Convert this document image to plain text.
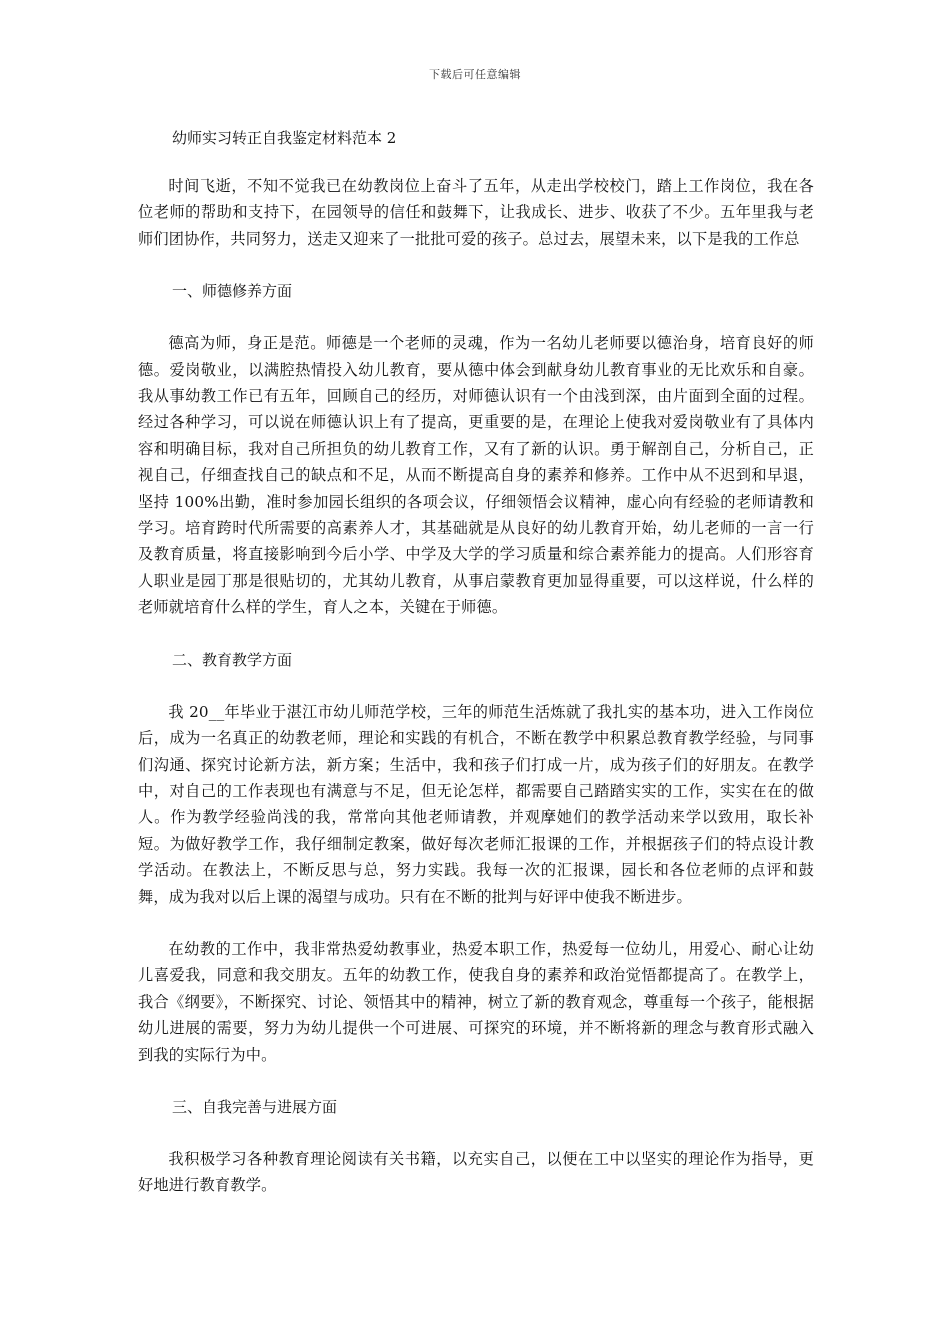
下载后可任意编辑
幼师实习转正自我鉴定材料范本 2

时间飞逝，不知不觉我已在幼教岗位上奋斗了五年，从走出学校校门，踏上工作岗位，我在各位老师的帮助和支持下，在园领导的信任和鼓舞下，让我成长、进步、收获了不少。五年里我与老师们团协作，共同努力，送走又迎来了一批批可爱的孩子。总过去，展望未来，以下是我的工作总

一、师德修养方面

德高为师，身正是范。师德是一个老师的灵魂，作为一名幼儿老师要以德治身，培育良好的师德。爱岗敬业，以满腔热情投入幼儿教育，要从德中体会到献身幼儿教育事业的无比欢乐和自豪。我从事幼教工作已有五年，回顾自己的经历，对师德认识有一个由浅到深，由片面到全面的过程。经过各种学习，可以说在师德认识上有了提高，更重要的是，在理论上使我对爱岗敬业有了具体内容和明确目标，我对自己所担负的幼儿教育工作，又有了新的认识。勇于解剖自己，分析自己，正视自己，仔细查找自己的缺点和不足，从而不断提高自身的素养和修养。工作中从不迟到和早退，坚持 100%出勤，准时参加园长组织的各项会议，仔细领悟会议精神，虚心向有经验的老师请教和学习。培育跨时代所需要的高素养人才，其基础就是从良好的幼儿教育开始，幼儿老师的一言一行及教育质量，将直接影响到今后小学、中学及大学的学习质量和综合素养能力的提高。人们形容育人职业是园丁那是很贴切的，尤其幼儿教育，从事启蒙教育更加显得重要，可以这样说，什么样的老师就培育什么样的学生，育人之本，关键在于师德。

二、教育教学方面

我 20__年毕业于湛江市幼儿师范学校，三年的师范生活炼就了我扎实的基本功，进入工作岗位后，成为一名真正的幼教老师，理论和实践的有机合，不断在教学中积累总教育教学经验，与同事们沟通、探究讨论新方法，新方案；生活中，我和孩子们打成一片，成为孩子们的好朋友。在教学中，对自己的工作表现也有满意与不足，但无论怎样，都需要自己踏踏实实的工作，实实在在的做人。作为教学经验尚浅的我，常常向其他老师请教，并观摩她们的教学活动来学以致用，取长补短。为做好教学工作，我仔细制定教案，做好每次老师汇报课的工作，并根据孩子们的特点设计教学活动。在教法上，不断反思与总，努力实践。我每一次的汇报课，园长和各位老师的点评和鼓舞，成为我对以后上课的渴望与成功。只有在不断的批判与好评中使我不断进步。

在幼教的工作中，我非常热爱幼教事业，热爱本职工作，热爱每一位幼儿，用爱心、耐心让幼儿喜爱我，同意和我交朋友。五年的幼教工作，使我自身的素养和政治觉悟都提高了。在教学上，我合《纲要》，不断探究、讨论、领悟其中的精神，树立了新的教育观念，尊重每一个孩子，能根据幼儿进展的需要，努力为幼儿提供一个可进展、可探究的环境，并不断将新的理念与教育形式融入到我的实际行为中。

三、自我完善与进展方面

我积极学习各种教育理论阅读有关书籍，以充实自己，以便在工中以坚实的理论作为指导，更好地进行教育教学。
